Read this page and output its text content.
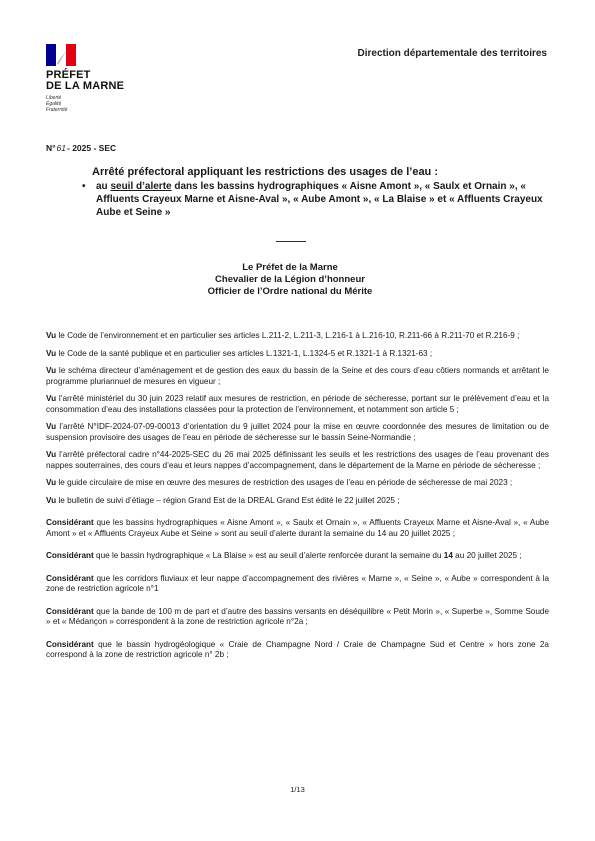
PRÉFET
DE LA MARNE
Liberté
Égalité
Fraternité
Direction départementale des territoires
N°61- 2025 - SEC
Arrêté préfectoral appliquant les restrictions des usages de l’eau :
•	au seuil d’alerte dans les bassins hydrographiques « Aisne Amont », « Saulx et Ornain », « Affluents Crayeux Marne et Aisne-Aval », « Aube Amont », « La Blaise » et « Affluents Crayeux Aube et Seine »
Le Préfet de la Marne
Chevalier de la Légion d’honneur
Officier de l’Ordre national du Mérite
Vu le Code de l’environnement et en particulier ses articles L.211-2, L.211-3, L.216-1 à L.216-10, R.211-66 à R.211-70 et R.216-9 ;
Vu le Code de la santé publique et en particulier ses articles L.1321-1, L.1324-5 et R.1321-1 à R.1321-63 ;
Vu le schéma directeur d’aménagement et de gestion des eaux du bassin de la Seine et des cours d’eau côtiers normands et arrêtant le programme pluriannuel de mesures en vigueur ;
Vu l’arrêté ministériel du 30 juin 2023 relatif aux mesures de restriction, en période de sécheresse, portant sur le prélèvement d’eau et la consommation d’eau des installations classées pour la protection de l’environnement, et notamment son article 5 ;
Vu l’arrêté N°IDF-2024-07-09-00013 d’orientation du 9 juillet 2024 pour la mise en œuvre coordonnée des mesures de limitation ou de suspension provisoire des usages de l’eau en période de sécheresse sur le bassin Seine-Normandie ;
Vu l’arrêté préfectoral cadre n°44-2025-SEC du 26 mai 2025 définissant les seuils et les restrictions des usages de l’eau provenant des nappes souterraines, des cours d’eau et leurs nappes d’accompagnement, dans le département de la Marne en période de sécheresse ;
Vu le guide circulaire de mise en œuvre des mesures de restriction des usages de l’eau en période de sécheresse de mai 2023 ;
Vu le bulletin de suivi d’étiage – région Grand Est de la DREAL Grand Est édité le 22 juillet 2025 ;
Considérant que les bassins hydrographiques « Aisne Amont », « Saulx et Ornain », « Affluents Crayeux Marne et Aisne-Aval », « Aube Amont » et « Affluents Crayeux Aube et Seine » sont au seuil d’alerte durant la semaine du 14 au 20 juillet 2025 ;
Considérant que le bassin hydrographique « La Blaise » est au seuil d’alerte renforcée durant la semaine du 14 au 20 juillet 2025 ;
Considérant que les corridors fluviaux et leur nappe d’accompagnement des rivières « Marne », « Seine », « Aube » correspondent à la zone de restriction agricole n°1
Considérant que la bande de 100 m de part et d’autre des bassins versants en déséquilibre « Petit Morin », « Superbe », Somme Soude » et « Médançon » correspondent à la zone de restriction agricole n°2a ;
Considérant que le bassin hydrogéologique « Craie de Champagne Nord / Craie de Champagne Sud et Centre » hors zone 2a correspond à la zone de restriction agricole n° 2b ;
1/13
